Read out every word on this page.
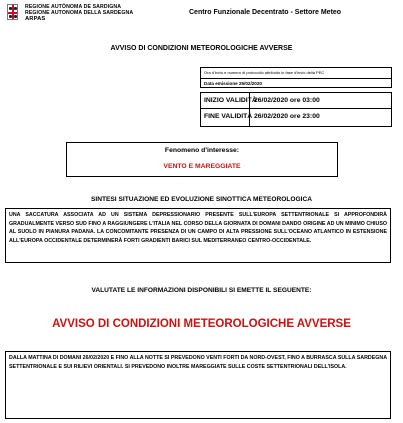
REGIONE AUTÒNOMA DE SARDIGNA
REGIONE AUTONOMA DELLA SARDEGNA
ARPAS
Centro Funzionale Decentrato - Settore Meteo
AVVISO DI CONDIZIONI METEOROLOGICHE AVVERSE
Ora d'invio e numero di protocollo attribuito in fase d'invio della PEC
Data emissione 25/02/2020
INIZIO VALIDITÀ
26/02/2020 ore 03:00
FINE VALIDITÀ 26/02/2020 ore 23:00
Fenomeno d'interesse:
VENTO E MAREGGIATE
SINTESI SITUAZIONE ED EVOLUZIONE SINOTTICA METEOROLOGICA
UNA SACCATURA ASSOCIATA AD UN SISTEMA DEPRESSIONARIO PRESENTE SULL'EUROPA SETTENTRIONALE SI APPROFONDIRÀ GRADUALMENTE VERSO SUD FINO A RAGGIUNGERE L'ITALIA NEL CORSO DELLA GIORNATA DI DOMANI DANDO ORIGINE AD UN MINIMO CHIUSO AL SUOLO IN PIANURA PADANA. LA CONCOMITANTE PRESENZA DI UN CAMPO DI ALTA PRESSIONE SULL'OCEANO ATLANTICO IN ESTENSIONE ALL'EUROPA OCCIDENTALE DETERMINERÀ FORTI GRADIENTI BARICI SUL MEDITERRANEO CENTRO-OCCIDENTALE.
VALUTATE LE INFORMAZIONI DISPONIBILI SI EMETTE IL SEGUENTE:
AVVISO DI CONDIZIONI METEOROLOGICHE AVVERSE
DALLA MATTINA DI DOMANI 26/02/2020 E FINO ALLA NOTTE SI PREVEDONO VENTI FORTI DA NORD-OVEST, FINO A BURRASCA SULLA SARDEGNA SETTENTRIONALE E SUI RILIEVI ORIENTALI. SI PREVEDONO INOLTRE MAREGGIATE SULLE COSTE SETTENTRIONALI DELL'ISOLA.
